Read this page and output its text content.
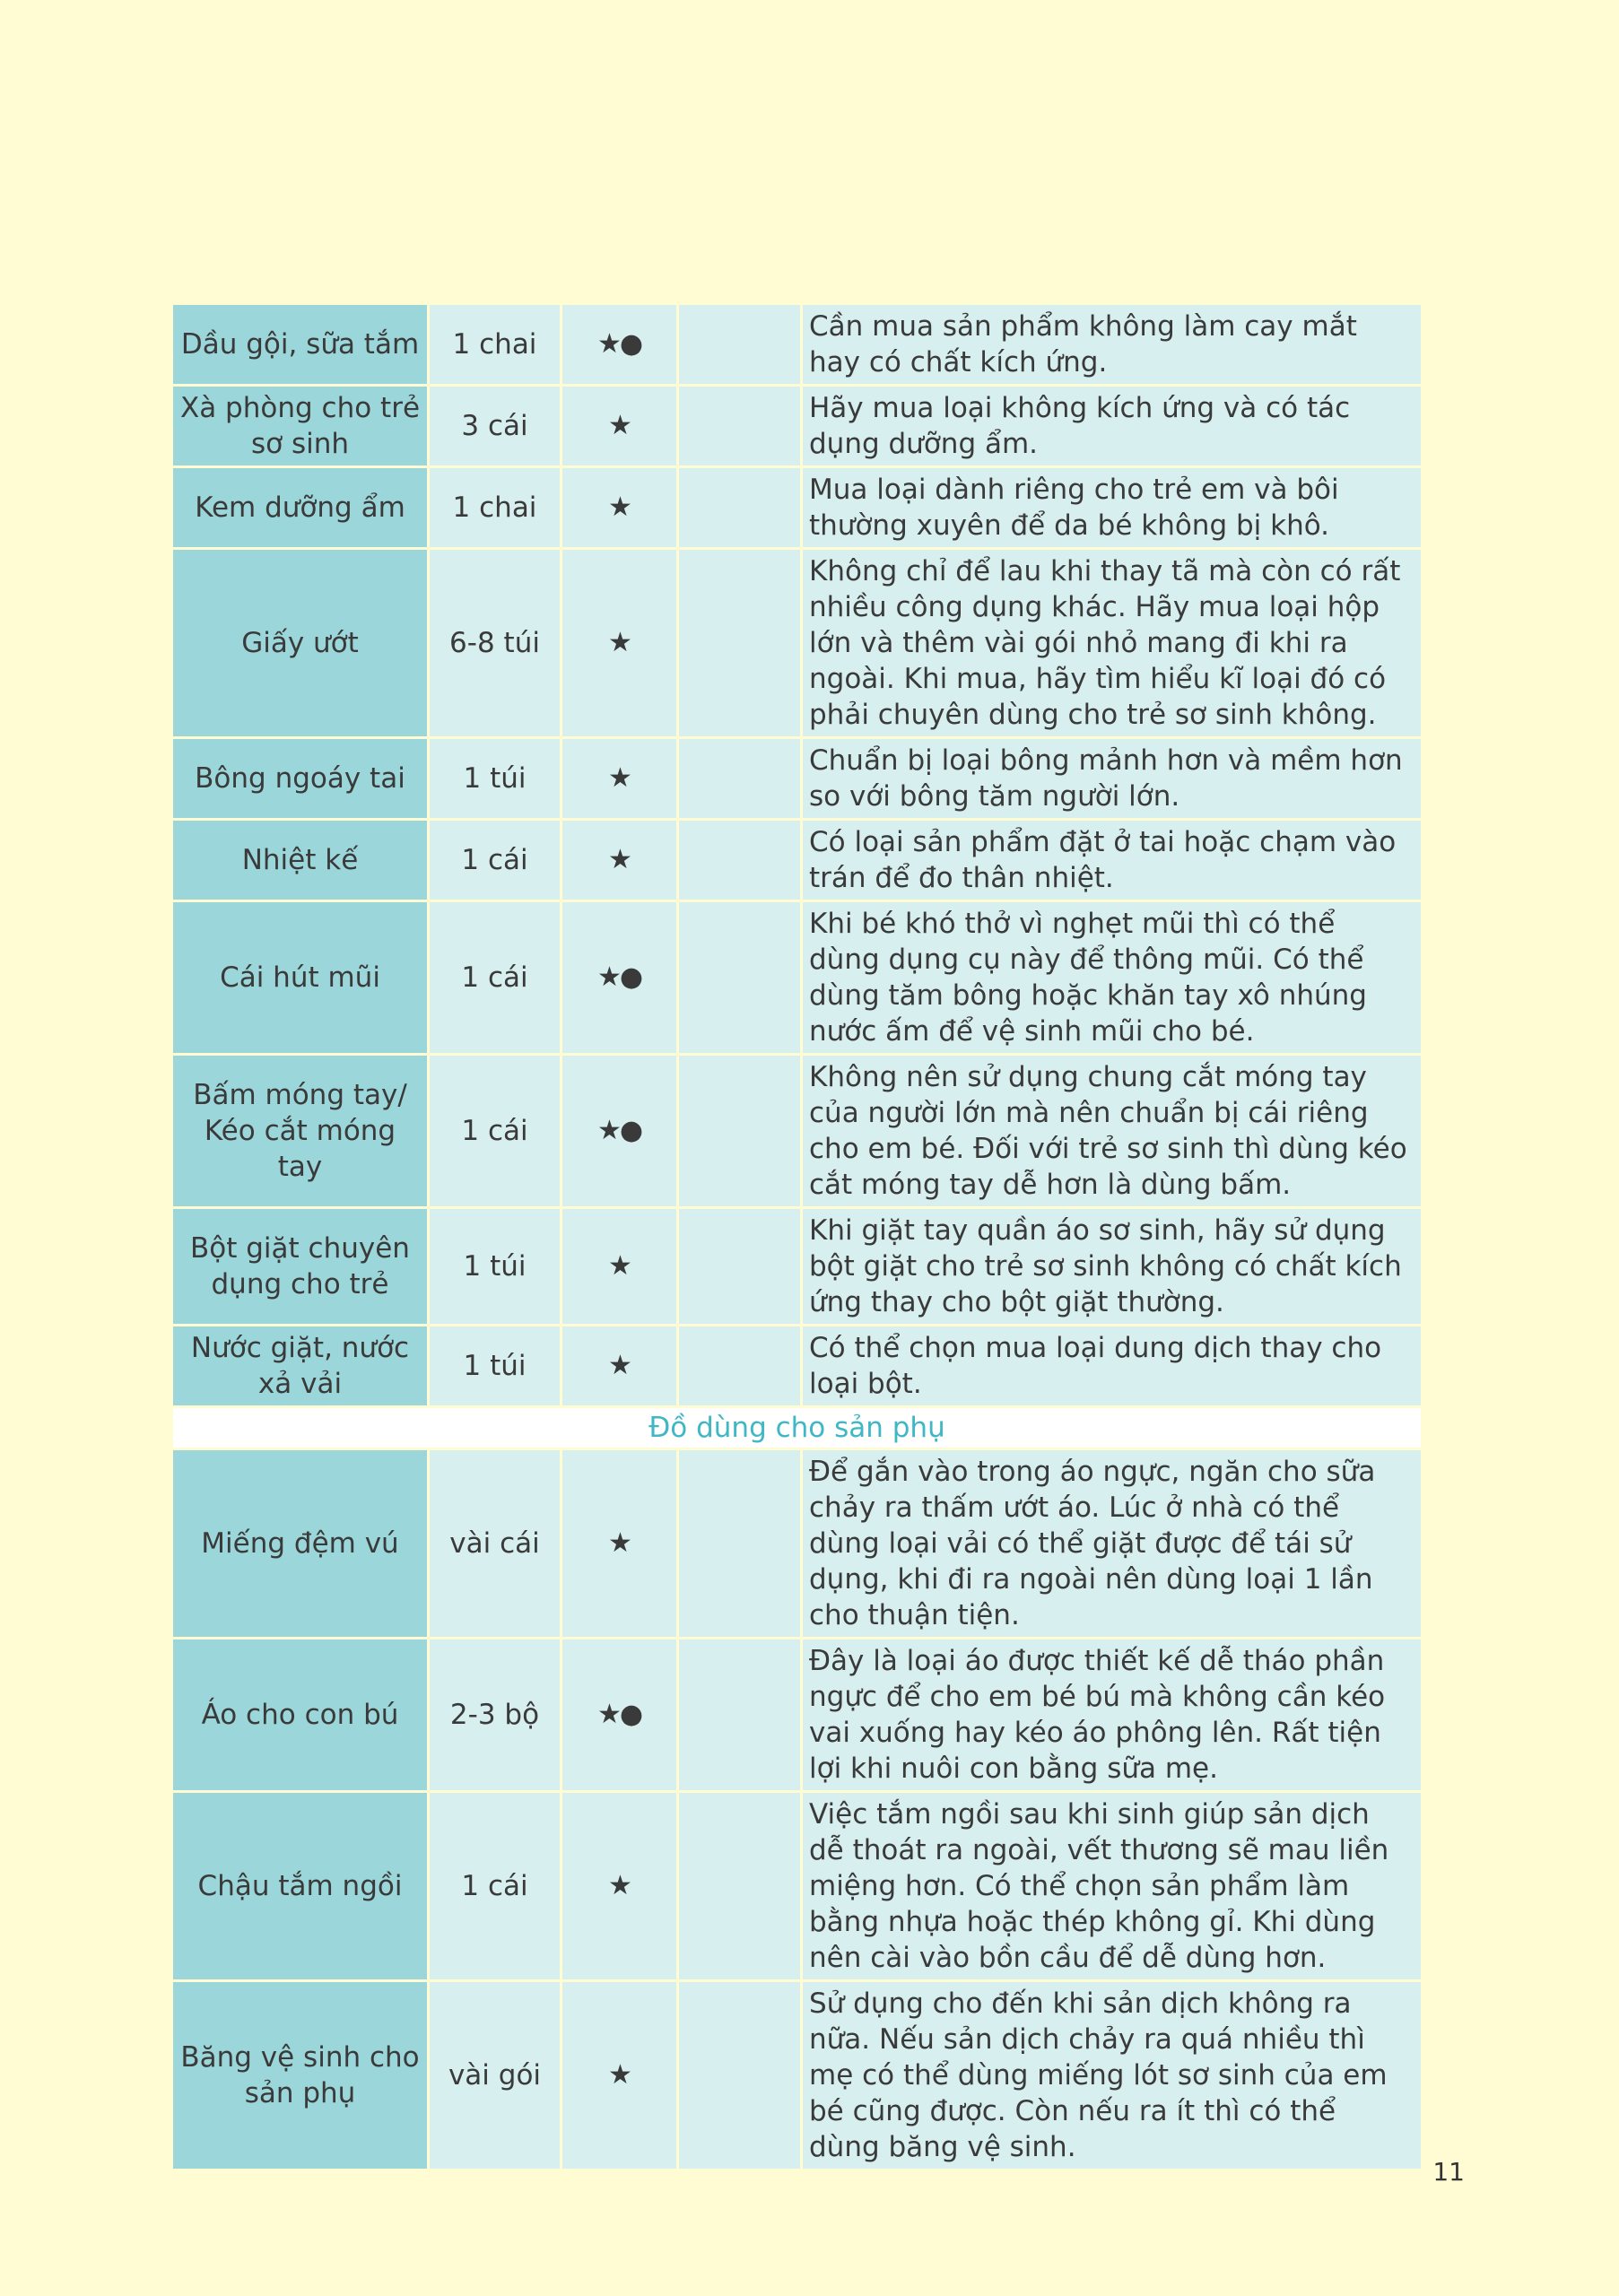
Dầu gội, sữa tắm	1 chai	★●		Cần mua sản phẩm không làm cay mắt hay có chất kích ứng.
Xà phòng cho trẻ sơ sinh	3 cái	★		Hãy mua loại không kích ứng và có tác dụng dưỡng ẩm.
Kem dưỡng ẩm	1 chai	★		Mua loại dành riêng cho trẻ em và bôi thường xuyên để da bé không bị khô.
Giấy ướt	6-8 túi	★		Không chỉ để lau khi thay tã mà còn có rất nhiều công dụng khác. Hãy mua loại hộp lớn và thêm vài gói nhỏ mang đi khi ra ngoài. Khi mua, hãy tìm hiểu kĩ loại đó có phải chuyên dùng cho trẻ sơ sinh không.
Bông ngoáy tai	1 túi	★		Chuẩn bị loại bông mảnh hơn và mềm hơn so với bông tăm người lớn.
Nhiệt kế	1 cái	★		Có loại sản phẩm đặt ở tai hoặc chạm vào trán để đo thân nhiệt.
Cái hút mũi	1 cái	★●		Khi bé khó thở vì nghẹt mũi thì có thể dùng dụng cụ này để thông mũi. Có thể dùng tăm bông hoặc khăn tay xô nhúng nước ấm để vệ sinh mũi cho bé.
Bấm móng tay/ Kéo cắt móng tay	1 cái	★●		Không nên sử dụng chung cắt móng tay của người lớn mà nên chuẩn bị cái riêng cho em bé. Đối với trẻ sơ sinh thì dùng kéo cắt móng tay dễ hơn là dùng bấm.
Bột giặt chuyên dụng cho trẻ	1 túi	★		Khi giặt tay quần áo sơ sinh, hãy sử dụng bột giặt cho trẻ sơ sinh không có chất kích ứng thay cho bột giặt thường.
Nước giặt, nước xả vải	1 túi	★		Có thể chọn mua loại dung dịch thay cho loại bột.
Đồ dùng cho sản phụ				
Miếng đệm vú	vài cái	★		Để gắn vào trong áo ngực, ngăn cho sữa chảy ra thấm ướt áo. Lúc ở nhà có thể dùng loại vải có thể giặt được để tái sử dụng, khi đi ra ngoài nên dùng loại 1 lần cho thuận tiện.
Áo cho con bú	2-3 bộ	★●		Đây là loại áo được thiết kế dễ tháo phần ngực để cho em bé bú mà không cần kéo vai xuống hay kéo áo phông lên. Rất tiện lợi khi nuôi con bằng sữa mẹ.
Chậu tắm ngồi	1 cái	★		Việc tắm ngồi sau khi sinh giúp sản dịch dễ thoát ra ngoài, vết thương sẽ mau liền miệng hơn. Có thể chọn sản phẩm làm bằng nhựa hoặc thép không gỉ. Khi dùng nên cài vào bồn cầu để dễ dùng hơn.
Băng vệ sinh cho sản phụ	vài gói	★		Sử dụng cho đến khi sản dịch không ra nữa. Nếu sản dịch chảy ra quá nhiều thì mẹ có thể dùng miếng lót sơ sinh của em bé cũng được. Còn nếu ra ít thì có thể dùng băng vệ sinh.
11
